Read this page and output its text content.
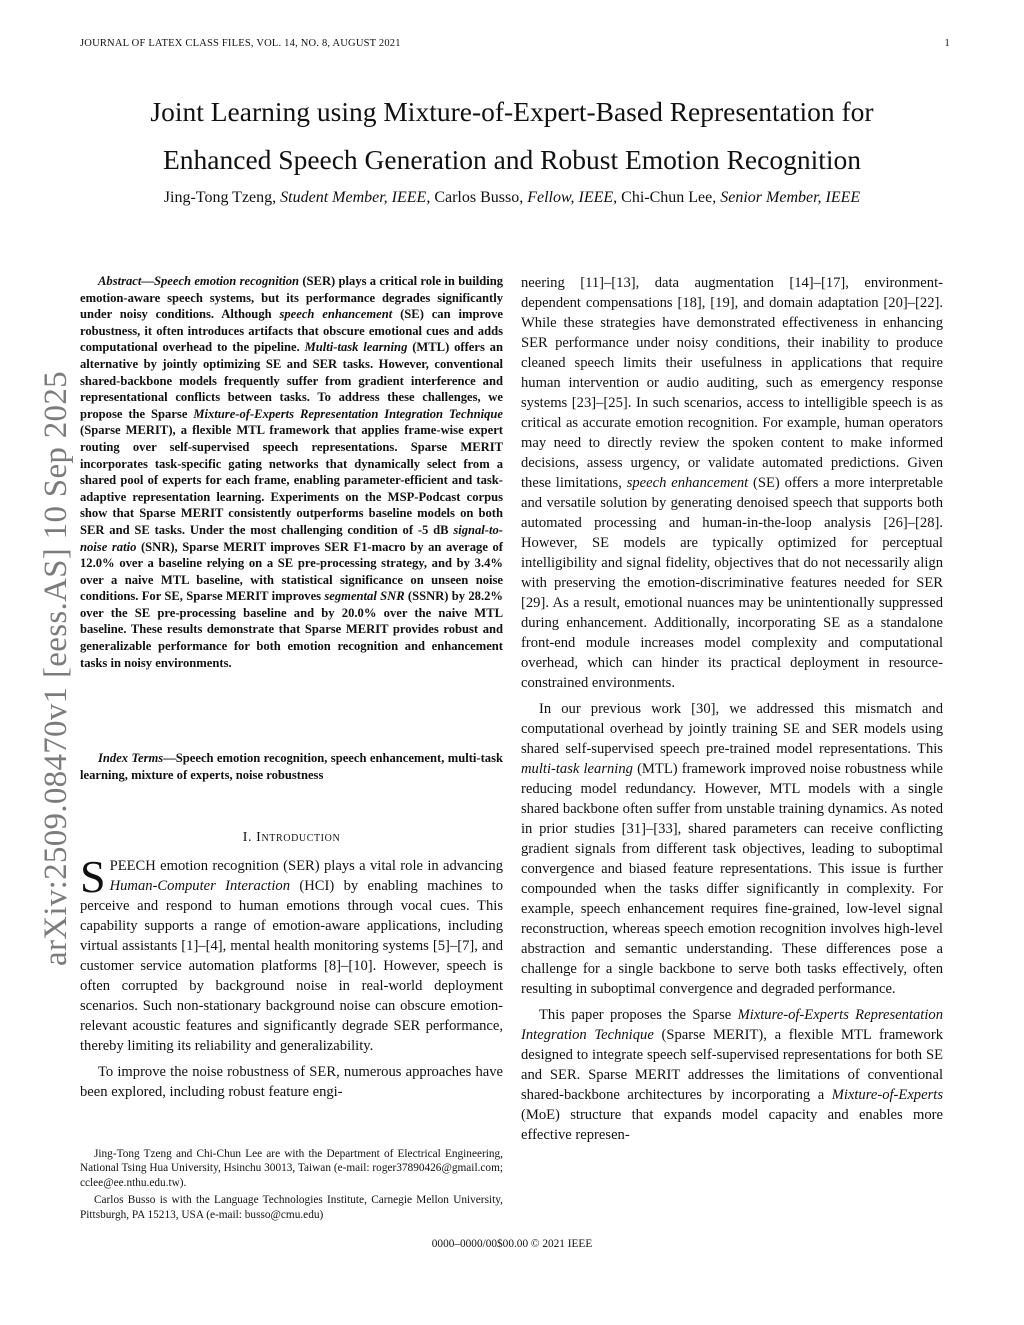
JOURNAL OF LATEX CLASS FILES, VOL. 14, NO. 8, AUGUST 2021	1
Joint Learning using Mixture-of-Expert-Based Representation for
Enhanced Speech Generation and Robust Emotion Recognition
Jing-Tong Tzeng, Student Member, IEEE, Carlos Busso, Fellow, IEEE, Chi-Chun Lee, Senior Member, IEEE
arXiv:2509.08470v1 [eess.AS] 10 Sep 2025
Abstract—Speech emotion recognition (SER) plays a critical role in building emotion-aware speech systems, but its performance degrades significantly under noisy conditions. Although speech enhancement (SE) can improve robustness, it often introduces artifacts that obscure emotional cues and adds computational overhead to the pipeline. Multi-task learning (MTL) offers an alternative by jointly optimizing SE and SER tasks. However, conventional shared-backbone models frequently suffer from gradient interference and representational conflicts between tasks. To address these challenges, we propose the Sparse Mixture-of-Experts Representation Integration Technique (Sparse MERIT), a flexible MTL framework that applies frame-wise expert routing over self-supervised speech representations. Sparse MERIT incorporates task-specific gating networks that dynamically select from a shared pool of experts for each frame, enabling parameter-efficient and task-adaptive representation learning. Experiments on the MSP-Podcast corpus show that Sparse MERIT consistently outperforms baseline models on both SER and SE tasks. Under the most challenging condition of -5 dB signal-to-noise ratio (SNR), Sparse MERIT improves SER F1-macro by an average of 12.0% over a baseline relying on a SE pre-processing strategy, and by 3.4% over a naive MTL baseline, with statistical significance on unseen noise conditions. For SE, Sparse MERIT improves segmental SNR (SSNR) by 28.2% over the SE pre-processing baseline and by 20.0% over the naive MTL baseline. These results demonstrate that Sparse MERIT provides robust and generalizable performance for both emotion recognition and enhancement tasks in noisy environments.
Index Terms—Speech emotion recognition, speech enhancement, multi-task learning, mixture of experts, noise robustness
I. Introduction

SPEECH emotion recognition (SER) plays a vital role in advancing Human-Computer Interaction (HCI) by enabling machines to perceive and respond to human emotions through vocal cues. This capability supports a range of emotion-aware applications, including virtual assistants [1]–[4], mental health monitoring systems [5]–[7], and customer service automation platforms [8]–[10]. However, speech is often corrupted by background noise in real-world deployment scenarios. Such non-stationary background noise can obscure emotion-relevant acoustic features and significantly degrade SER performance, thereby limiting its reliability and generalizability.

To improve the noise robustness of SER, numerous approaches have been explored, including robust feature engi-

Jing-Tong Tzeng and Chi-Chun Lee are with the Department of Electrical Engineering, National Tsing Hua University, Hsinchu 30013, Taiwan (e-mail: roger37890426@gmail.com; cclee@ee.nthu.edu.tw).

Carlos Busso is with the Language Technologies Institute, Carnegie Mellon University, Pittsburgh, PA 15213, USA (e-mail: busso@cmu.edu)

neering [11]–[13], data augmentation [14]–[17], environment-dependent compensations [18], [19], and domain adaptation [20]–[22]. While these strategies have demonstrated effectiveness in enhancing SER performance under noisy conditions, their inability to produce cleaned speech limits their usefulness in applications that require human intervention or audio auditing, such as emergency response systems [23]–[25]. In such scenarios, access to intelligible speech is as critical as accurate emotion recognition. For example, human operators may need to directly review the spoken content to make informed decisions, assess urgency, or validate automated predictions. Given these limitations, speech enhancement (SE) offers a more interpretable and versatile solution by generating denoised speech that supports both automated processing and human-in-the-loop analysis [26]–[28]. However, SE models are typically optimized for perceptual intelligibility and signal fidelity, objectives that do not necessarily align with preserving the emotion-discriminative features needed for SER [29]. As a result, emotional nuances may be unintentionally suppressed during enhancement. Additionally, incorporating SE as a standalone front-end module increases model complexity and computational overhead, which can hinder its practical deployment in resource-constrained environments.

In our previous work [30], we addressed this mismatch and computational overhead by jointly training SE and SER models using shared self-supervised speech pre-trained model representations. This multi-task learning (MTL) framework improved noise robustness while reducing model redundancy. However, MTL models with a single shared backbone often suffer from unstable training dynamics. As noted in prior studies [31]–[33], shared parameters can receive conflicting gradient signals from different task objectives, leading to suboptimal convergence and biased feature representations. This issue is further compounded when the tasks differ significantly in complexity. For example, speech enhancement requires fine-grained, low-level signal reconstruction, whereas speech emotion recognition involves high-level abstraction and semantic understanding. These differences pose a challenge for a single backbone to serve both tasks effectively, often resulting in suboptimal convergence and degraded performance.

This paper proposes the Sparse Mixture-of-Experts Representation Integration Technique (Sparse MERIT), a flexible MTL framework designed to integrate speech self-supervised representations for both SE and SER. Sparse MERIT addresses the limitations of conventional shared-backbone architectures by incorporating a Mixture-of-Experts (MoE) structure that expands model capacity and enables more effective represen-

0000–0000/00$00.00 © 2021 IEEE
